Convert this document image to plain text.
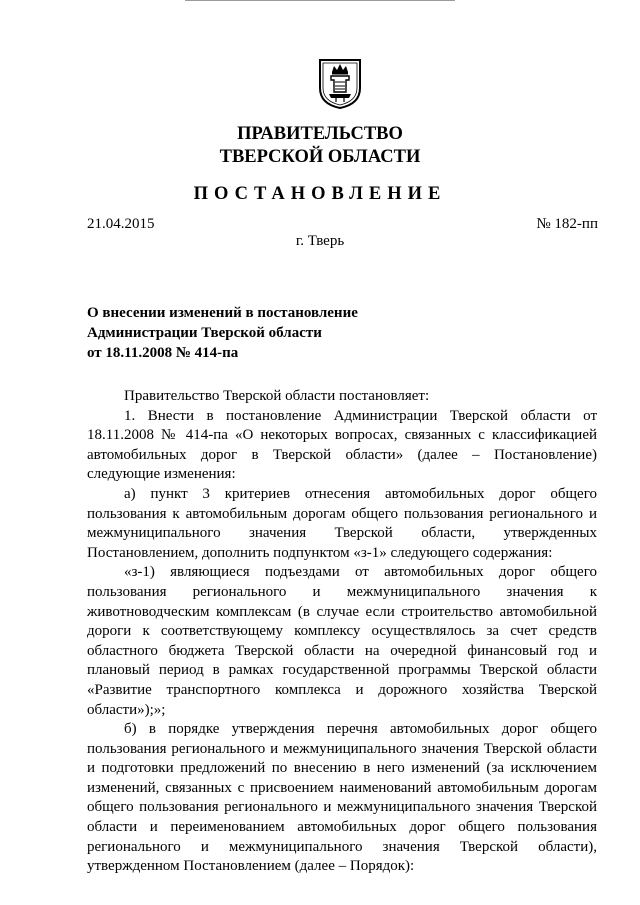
ПРАВИТЕЛЬСТВО
ТВЕРСКОЙ ОБЛАСТИ
ПОСТАНОВЛЕНИЕ
21.04.2015	№ 182-пп
г. Тверь
О внесении изменений в постановление
Администрации Тверской области
от 18.11.2008 № 414-па

Правительство Тверской области постановляет:

1. Внести в постановление Администрации Тверской области от 18.11.2008 № 414-па «О некоторых вопросах, связанных с классификацией автомобильных дорог в Тверской области» (далее – Постановление) следующие изменения:

а) пункт 3 критериев отнесения автомобильных дорог общего пользования к автомобильным дорогам общего пользования регионального и межмуниципального значения Тверской области, утвержденных Постановлением, дополнить подпунктом «з-1» следующего содержания:

«з-1) являющиеся подъездами от автомобильных дорог общего пользования регионального и межмуниципального значения к животноводческим комплексам (в случае если строительство автомобильной дороги к соответствующему комплексу осуществлялось за счет средств областного бюджета Тверской области на очередной финансовый год и плановый период в рамках государственной программы Тверской области «Развитие транспортного комплекса и дорожного хозяйства Тверской области»);»;

б) в порядке утверждения перечня автомобильных дорог общего пользования регионального и межмуниципального значения Тверской области и подготовки предложений по внесению в него изменений (за исключением изменений, связанных с присвоением наименований автомобильным дорогам общего пользования регионального и межмуниципального значения Тверской области и переименованием автомобильных дорог общего пользования регионального и межмуниципального значения Тверской области), утвержденном Постановлением (далее – Порядок):
